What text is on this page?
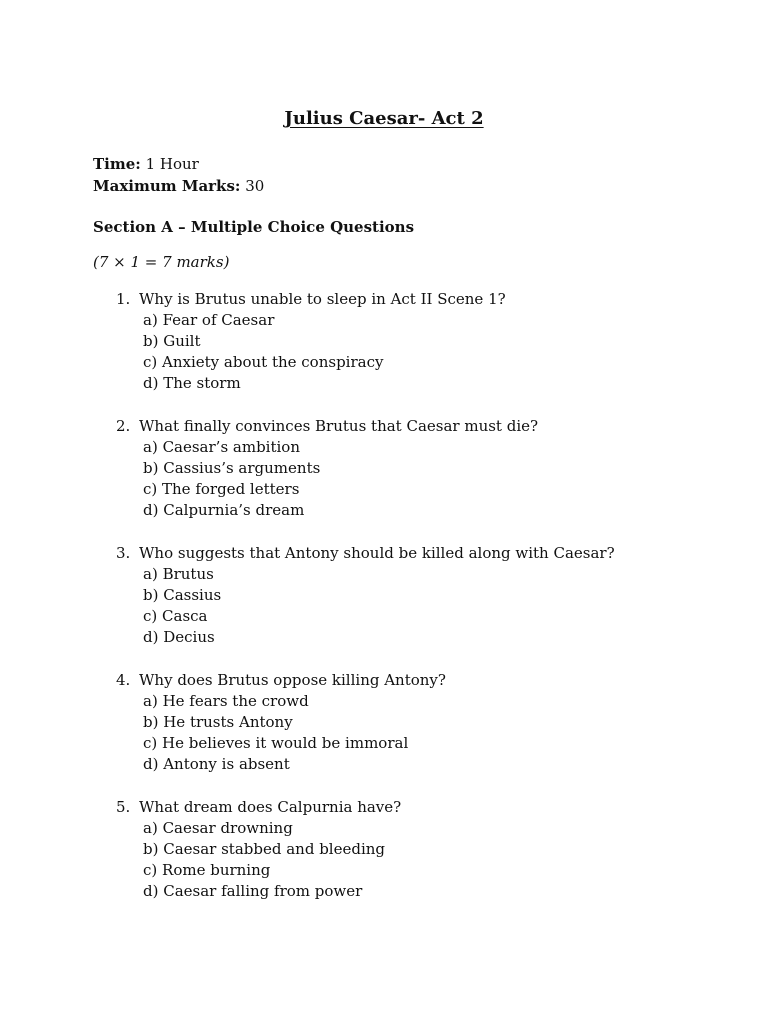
Julius Caesar- Act 2
Time: 1 Hour
Maximum Marks: 30
Section A – Multiple Choice Questions
(7 × 1 = 7 marks)
1. Why is Brutus unable to sleep in Act II Scene 1?
a) Fear of Caesar
b) Guilt
c) Anxiety about the conspiracy
d) The storm
2. What finally convinces Brutus that Caesar must die?
a) Caesar’s ambition
b) Cassius’s arguments
c) The forged letters
d) Calpurnia’s dream
3. Who suggests that Antony should be killed along with Caesar?
a) Brutus
b) Cassius
c) Casca
d) Decius
4. Why does Brutus oppose killing Antony?
a) He fears the crowd
b) He trusts Antony
c) He believes it would be immoral
d) Antony is absent
5. What dream does Calpurnia have?
a) Caesar drowning
b) Caesar stabbed and bleeding
c) Rome burning
d) Caesar falling from power
